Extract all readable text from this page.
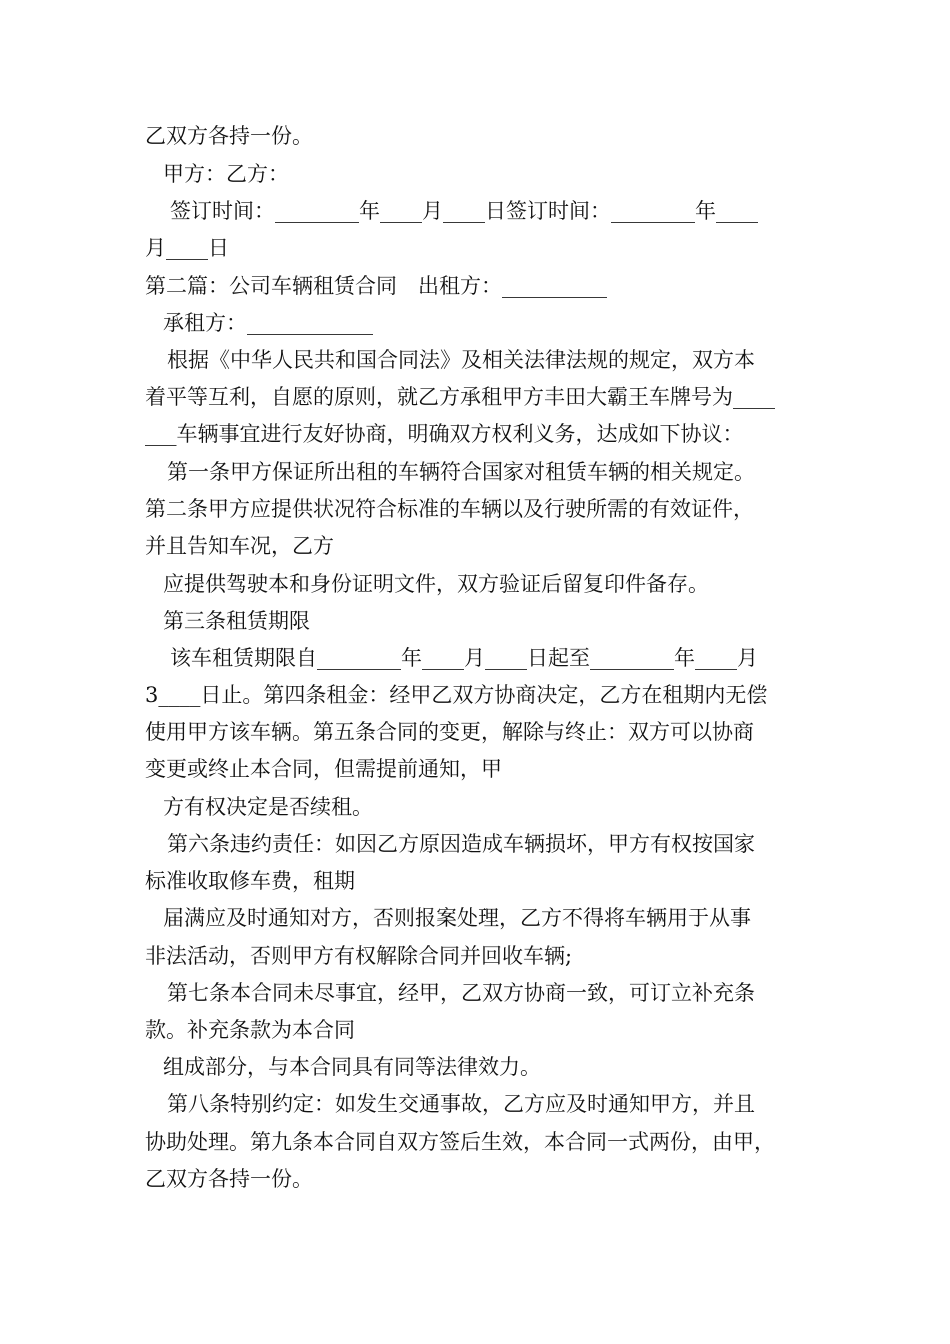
乙双方各持一份。
甲方：乙方：
签订时间：________年____月____日签订时间：________年____
月____日
第二篇：公司车辆租赁合同　出租方：__________
承租方：____________
根据《中华人民共和国合同法》及相关法律法规的规定，双方本
着平等互利，自愿的原则，就乙方承租甲方丰田大霸王车牌号为____
___车辆事宜进行友好协商，明确双方权利义务，达成如下协议：
第一条甲方保证所出租的车辆符合国家对租赁车辆的相关规定。
第二条甲方应提供状况符合标准的车辆以及行驶所需的有效证件，
并且告知车况，乙方
应提供驾驶本和身份证明文件，双方验证后留复印件备存。
第三条租赁期限
该车租赁期限自________年____月____日起至________年____月
3____日止。第四条租金：经甲乙双方协商决定，乙方在租期内无偿
使用甲方该车辆。第五条合同的变更，解除与终止：双方可以协商
变更或终止本合同，但需提前通知，甲
方有权决定是否续租。
第六条违约责任：如因乙方原因造成车辆损坏，甲方有权按国家
标准收取修车费，租期
届满应及时通知对方，否则报案处理，乙方不得将车辆用于从事
非法活动，否则甲方有权解除合同并回收车辆;
第七条本合同未尽事宜，经甲，乙双方协商一致，可订立补充条
款。补充条款为本合同
组成部分，与本合同具有同等法律效力。
第八条特别约定：如发生交通事故，乙方应及时通知甲方，并且
协助处理。第九条本合同自双方签后生效，本合同一式两份，由甲，
乙双方各持一份。
